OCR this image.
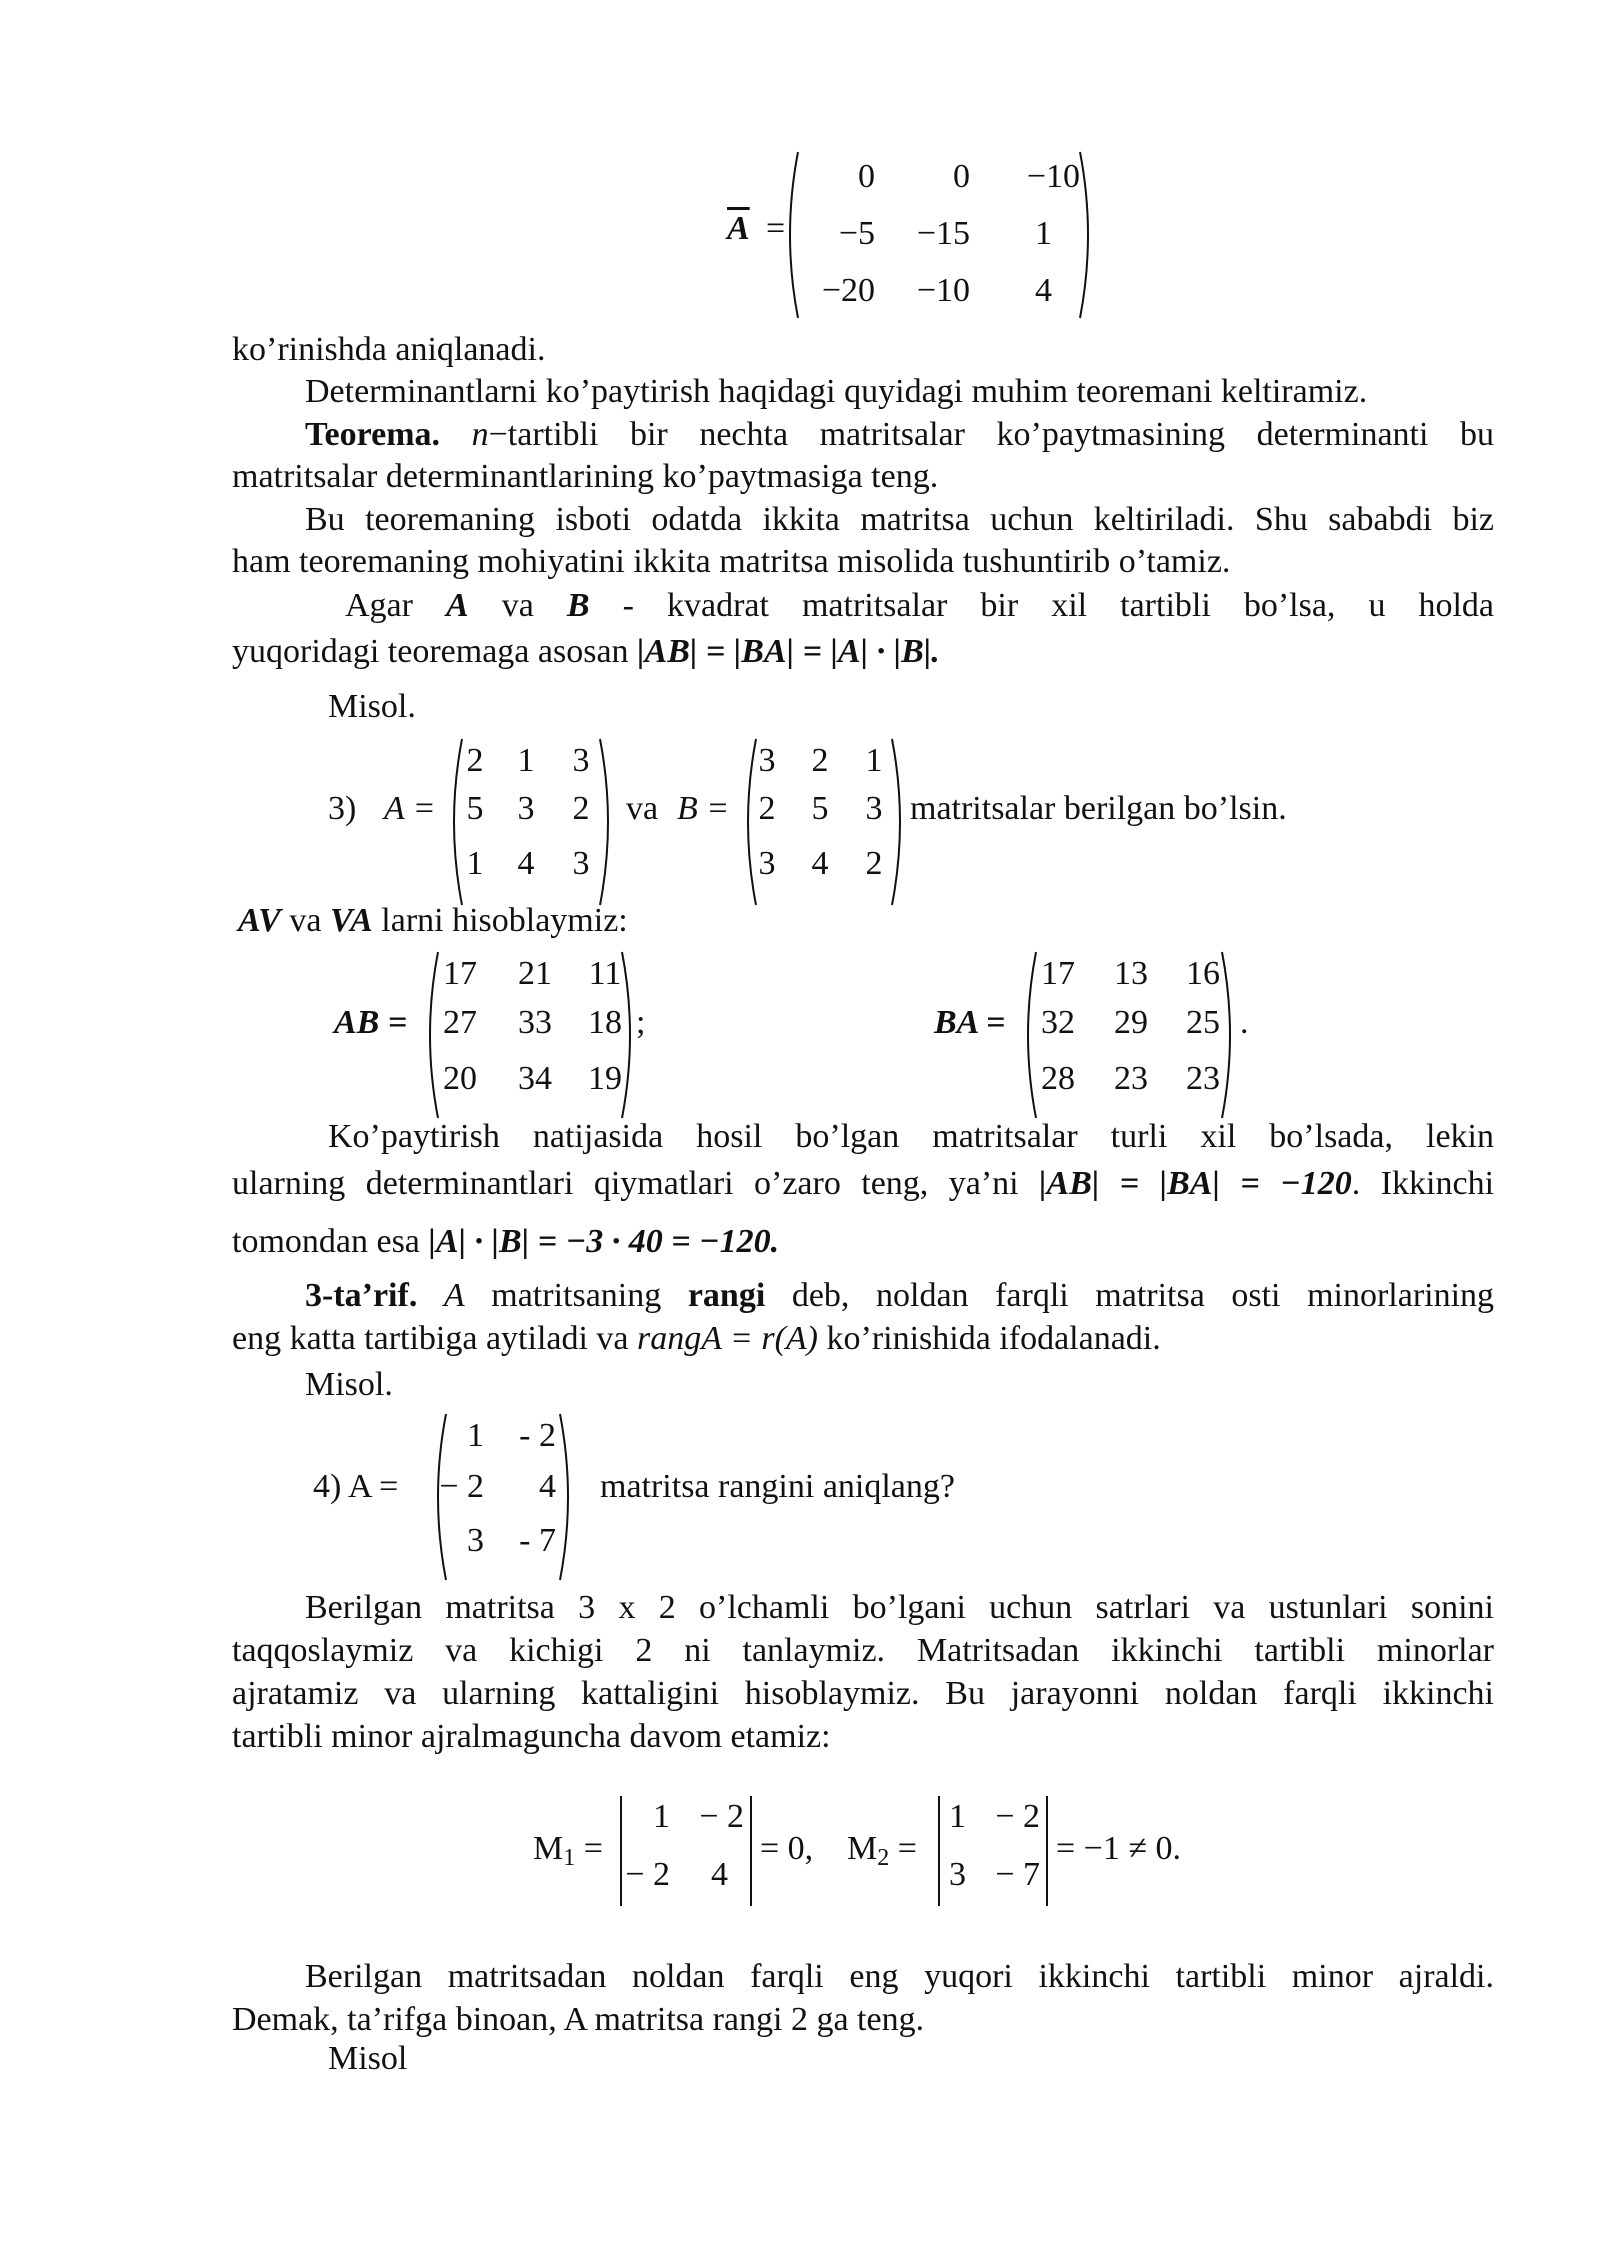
$\overline{A}$ =
0 0 −10
−5 −15 1
−20 −10 4
ko’rinishda aniqlanadi.
Determinantlarni ko’paytirish haqidagi quyidagi muhim teoremani keltiramiz.
Teorema. n−tartibli bir nechta matritsalar ko’paytmasining determinanti bu
matritsalar determinantlarining ko’paytmasiga teng.
Bu teoremaning isboti odatda ikkita matritsa uchun keltiriladi. Shu sababdi biz
ham teoremaning mohiyatini ikkita matritsa misolida tushuntirib o’tamiz.
Agar A va B - kvadrat matritsalar bir xil tartibli bo’lsa, u holda
yuqoridagi teoremaga asosan |AB| = |BA| = |A| · |B|.
Misol.
3) A =
2 1 3
5 3 2
1 4 3
va B =
3 2 1
2 5 3
3 4 2
matritsalar berilgan bo’lsin.
AV va VA larni hisoblaymiz:
AB =
17 21 11
27 33 18
20 34 19
;	BA =
17 13 16
32 29 25
28 23 23
.
Ko’paytirish natijasida hosil bo’lgan matritsalar turli xil bo’lsada, lekin
ularning determinantlari qiymatlari o’zaro teng, ya’ni |AB| = |BA| = −120. Ikkinchi
tomondan esa |A| · |B| = −3 · 40 = −120.
3-ta’rif. A matritsaning rangi deb, noldan farqli matritsa osti minorlarining
eng katta tartibiga aytiladi va rangA = r(A) ko’rinishida ifodalanadi.
Misol.
4) A =
1 - 2
− 2 4
3 - 7
matritsa rangini aniqlang?
Berilgan matritsa 3 x 2 o’lchamli bo’lgani uchun satrlari va ustunlari sonini
taqqoslaymiz va kichigi 2 ni tanlaymiz. Matritsadan ikkinchi tartibli minorlar
ajratamiz va ularning kattaligini hisoblaymiz. Bu jarayonni noldan farqli ikkinchi
tartibli minor ajralmaguncha davom etamiz:
$M_1$ =
1 − 2
− 2 4
= 0, $M_2$ =
1 − 2
3 − 7
= −1 ≠ 0.
Berilgan matritsadan noldan farqli eng yuqori ikkinchi tartibli minor ajraldi.
Demak, ta’rifga binoan, A matritsa rangi 2 ga teng.
Misol
